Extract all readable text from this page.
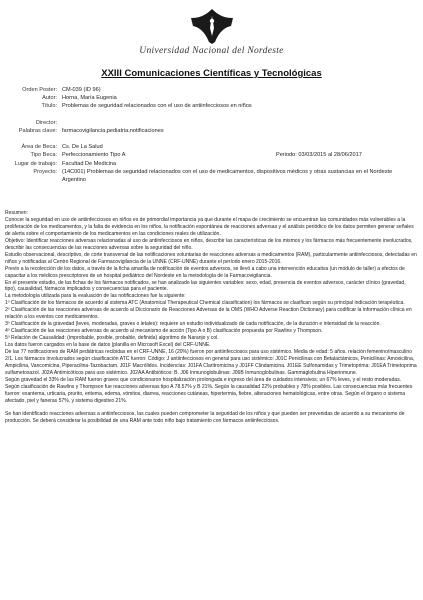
Universidad Nacional del Nordeste
XXIII Comunicaciones Científicas y Tecnológicas
Orden Poster: CM-039 (ID 96)
Autor: Horna, María Eugenia
Título: Problemas de seguridad relacionados con el uso de antiinfecciosos en niños
Director:
Palabras clave: farmacovigilancia,pediatria,notificaciones
Área de Beca: Cs. De La Salud
Tipo Beca: Perfeccionamiento Tipo A	Periodo: 03/03/2015 al 28/06/2017
Lugar de trabajo: Facultad De Medicina
Proyecto: (14C001) Problemas de seguridad relacionados con el uso de medicamentos, dispositivos médicos y otras sustancias en el Nordeste Argentino

Resumen:

Conocer la seguridad en uso de antiinfecciosos en niños es de primordial importancia ya que durante el mapa de crecimiento se encuentran las comunidades más vulnerables a la proliferación de los medicamentos, y la falta de evidencia en los niños, la notificación espontánea de reacciones adversas y el análisis periódico de los datos permiten generar señales de alerta sobre el comportamiento de los medicamentos en las condiciones reales de utilización.

Objetivo: Identificar reacciones adversas relacionadas al uso de antiinfecciosos en niños, describir las características de los mismos y los fármacos más frecuentemente involucrados, describir las consecuencias de las reacciones adversas sobre la seguridad del niño.

Estudio observacional, descriptivo, de corte transversal de las notificaciones voluntarias de reacciones adversas a medicamentos (RAM), particularmente antiinfecciosos, detectadas en niños y notificadas al Centro Regional de Farmacovigilancia de la UNNE (CRF-UNNE) durante el período enero 2015-2016.

Previo a la recolección de los datos, a través de la ficha amarilla de notificación de eventos adversos, se llevó a cabo una intervención educativa (un módulo de taller) a efectos de capacitar a los médicos prescriptores de un hospital pediátrico del Nordeste en la metodología de la Farmacovigilancia.

En el presente estudio, de las fichas de los fármacos notificados, se han analizado las siguientes variables: sexo, edad, presencia de eventos adversos, carácter clínico (gravedad, tipo), causalidad, fármacos implicados y consecuencias para el paciente.

La metodología utilizada para la evaluación de las notificaciones fue la siguiente:

1º Clasificación de los fármacos de acuerdo al sistema ATC (Anatomical Therapeutical Chemical classification) los fármacos se clasifican según su principal indicación terapéutica.

2º Clasificación de las reacciones adversas de acuerdo al Diccionario de Reacciones Adversas de la OMS (WHO Adverse Reaction Dictionary) para codificar la información clínica en relación a los eventos con medicamentos.

3º Clasificación de la gravedad (leves, moderadas, graves o letales): requiere un estudio individualizado de cada notificación, de la duración e intensidad de la reacción.

4º Clasificación de las reacciones adversas de acuerdo al mecanismo de acción (Tipo A o B) clasificación propuesta por Rawlins y Thompson.

5º Relación de Causalidad: (improbable, posible, probable, definida) algoritmo de Naranjo y col.

Los datos fueron cargados en la base de datos (planilla en Microsoft Excel) del CRF-UNNE.

De las 77 notificaciones de RAM pediátricas recibidas en el CRF-UNNE, 16 (20%) fueron por antiinfecciosos para uso sistémico. Media de edad: 5 años. relación femenino/masculino 2/1. Los fármacos involucrados según clasificación ATC fueron: Código: J antiinfecciosos en general para uso sistémico: J01C Penicilinas con Betalactámicos, Penicilinas: Amoxicilina, Ampicilina, Vancomicina, Piperacilina-Tazobactam. J01F Macrólidos. Incidencias: J01FA Claritromicina y J01FF Clindamicina. J01EE Sulfonamidas y Trimetoprima: J01EA Trimetoprima sulfametoxazol. J02A Antimicóticos para uso sistémico. J02AA Antibióticos: B. J06 Inmunoglobulinas: J06B Inmunoglobulinas. Gammaglobulina Hiperinmune.

Según gravedad el 33% de las RAM fueron graves que condicionaron hospitalización prolongada e ingreso del área de cuidados intensivos; un 67% leves, y el resto moderadas. Según clasificación de Rawlins y Thompson fue reacciones adversas tipo A 78.57% y B 21%. Según la causalidad 22% probables y 78% posibles. Las consecuencias más frecuentes fueron: exantema, urticaria, prurito, eritema, edema, vómitos, diarrea, reacciones cutáneas, hipertermia, fiebre, alteraciones hematológicas, entre otras. Según el órgano o sistema afectado, piel y faneras 57%, y sistema digestivo 21%.

Se han identificado reacciones adversas a antiinfecciosos, las cuales pueden comprometer la seguridad de los niños y que pueden ser prevenidas de acuerdo a su mecanismo de producción. Se deberá considerar la posibilidad de una RAM ante todo niño bajo tratamiento con fármacos antiinfecciosos.
